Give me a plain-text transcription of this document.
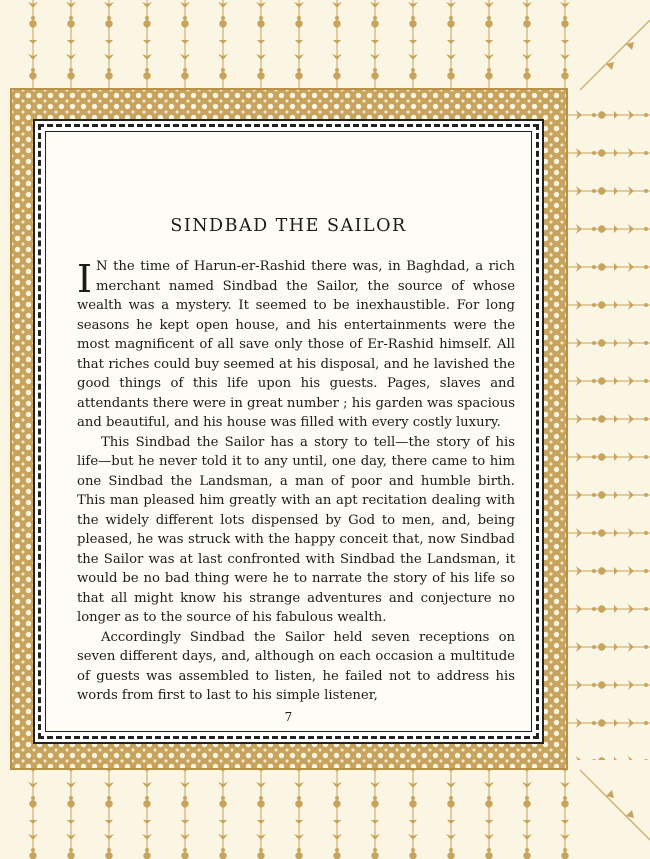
SINDBAD THE SAILOR

I N the time of Harun-er-Rashid there was, in Baghdad, a rich merchant named Sindbad the Sailor, the source of whose wealth was a mystery. It seemed to be inexhaustible. For long seasons he kept open house, and his entertainments were the most magnificent of all save only those of Er-Rashid himself. All that riches could buy seemed at his disposal, and he lavished the good things of this life upon his guests. Pages, slaves and attendants there were in great number ; his garden was spacious and beautiful, and his house was filled with every costly luxury.

This Sindbad the Sailor has a story to tell—the story of his life—but he never told it to any until, one day, there came to him one Sindbad the Landsman, a man of poor and humble birth. This man pleased him greatly with an apt recitation dealing with the widely different lots dispensed by God to men, and, being pleased, he was struck with the happy conceit that, now Sindbad the Sailor was at last confronted with Sindbad the Landsman, it would be no bad thing were he to narrate the story of his life so that all might know his strange adventures and conjecture no longer as to the source of his fabulous wealth.

Accordingly Sindbad the Sailor held seven receptions on seven different days, and, although on each occasion a multitude of guests was assembled to listen, he failed not to address his words from first to last to his simple listener,

7
